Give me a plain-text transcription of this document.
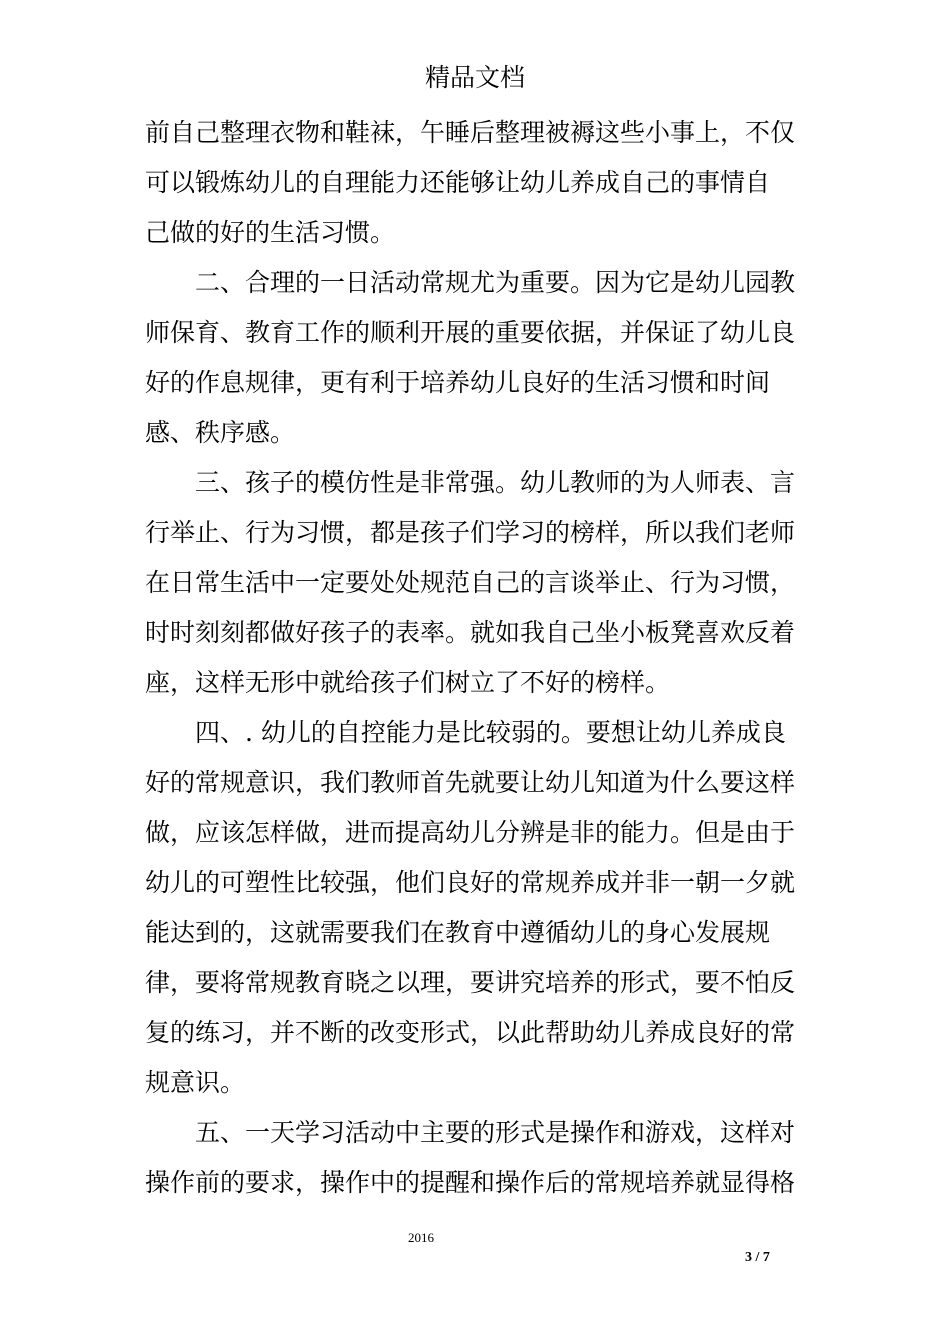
精品文档
前自己整理衣物和鞋袜，午睡后整理被褥这些小事上，不仅
可以锻炼幼儿的自理能力还能够让幼儿养成自己的事情自
己做的好的生活习惯。
二、合理的一日活动常规尤为重要。因为它是幼儿园教
师保育、教育工作的顺利开展的重要依据，并保证了幼儿良
好的作息规律，更有利于培养幼儿良好的生活习惯和时间
感、秩序感。
三、孩子的模仿性是非常强。幼儿教师的为人师表、言
行举止、行为习惯，都是孩子们学习的榜样，所以我们老师
在日常生活中一定要处处规范自己的言谈举止、行为习惯，
时时刻刻都做好孩子的表率。就如我自己坐小板凳喜欢反着
座，这样无形中就给孩子们树立了不好的榜样。
四、. 幼儿的自控能力是比较弱的。要想让幼儿养成良
好的常规意识，我们教师首先就要让幼儿知道为什么要这样
做，应该怎样做，进而提高幼儿分辨是非的能力。但是由于
幼儿的可塑性比较强，他们良好的常规养成并非一朝一夕就
能达到的，这就需要我们在教育中遵循幼儿的身心发展规
律，要将常规教育晓之以理，要讲究培养的形式，要不怕反
复的练习，并不断的改变形式，以此帮助幼儿养成良好的常
规意识。
五、一天学习活动中主要的形式是操作和游戏，这样对
操作前的要求，操作中的提醒和操作后的常规培养就显得格
2016
3 / 7
